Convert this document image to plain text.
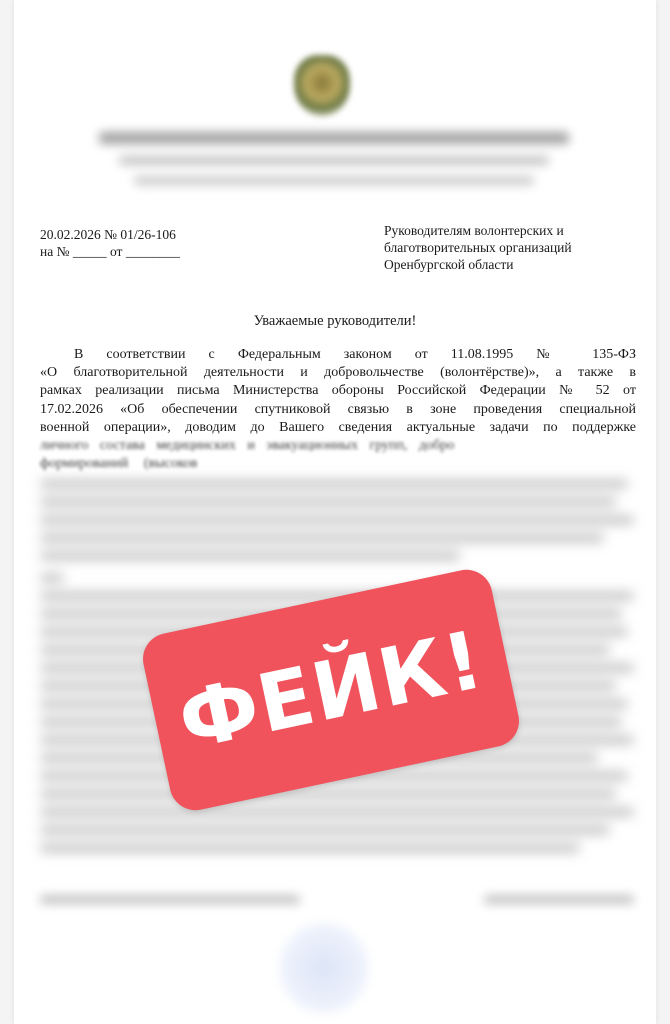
20.02.2026 № 01/26-106
на № _____ от ________
Руководителям волонтерских и
благотворительных организаций
Оренбургской области
Уважаемые руководители!
В соответствии с Федеральным законом от 11.08.1995 № 135-ФЗ
«О благотворительной деятельности и добровольчестве (волонтёрстве)», а также в
рамках реализации письма Министерства обороны Российской Федерации № 52 от
17.02.2026 «Об обеспечении спутниковой связью в зоне проведения специальной
военной операции», доводим до Вашего сведения актуальные задачи по поддержке
личного состава медицинских и эвакуационных групп, добро
формирований (высоков
ФЕЙК!
